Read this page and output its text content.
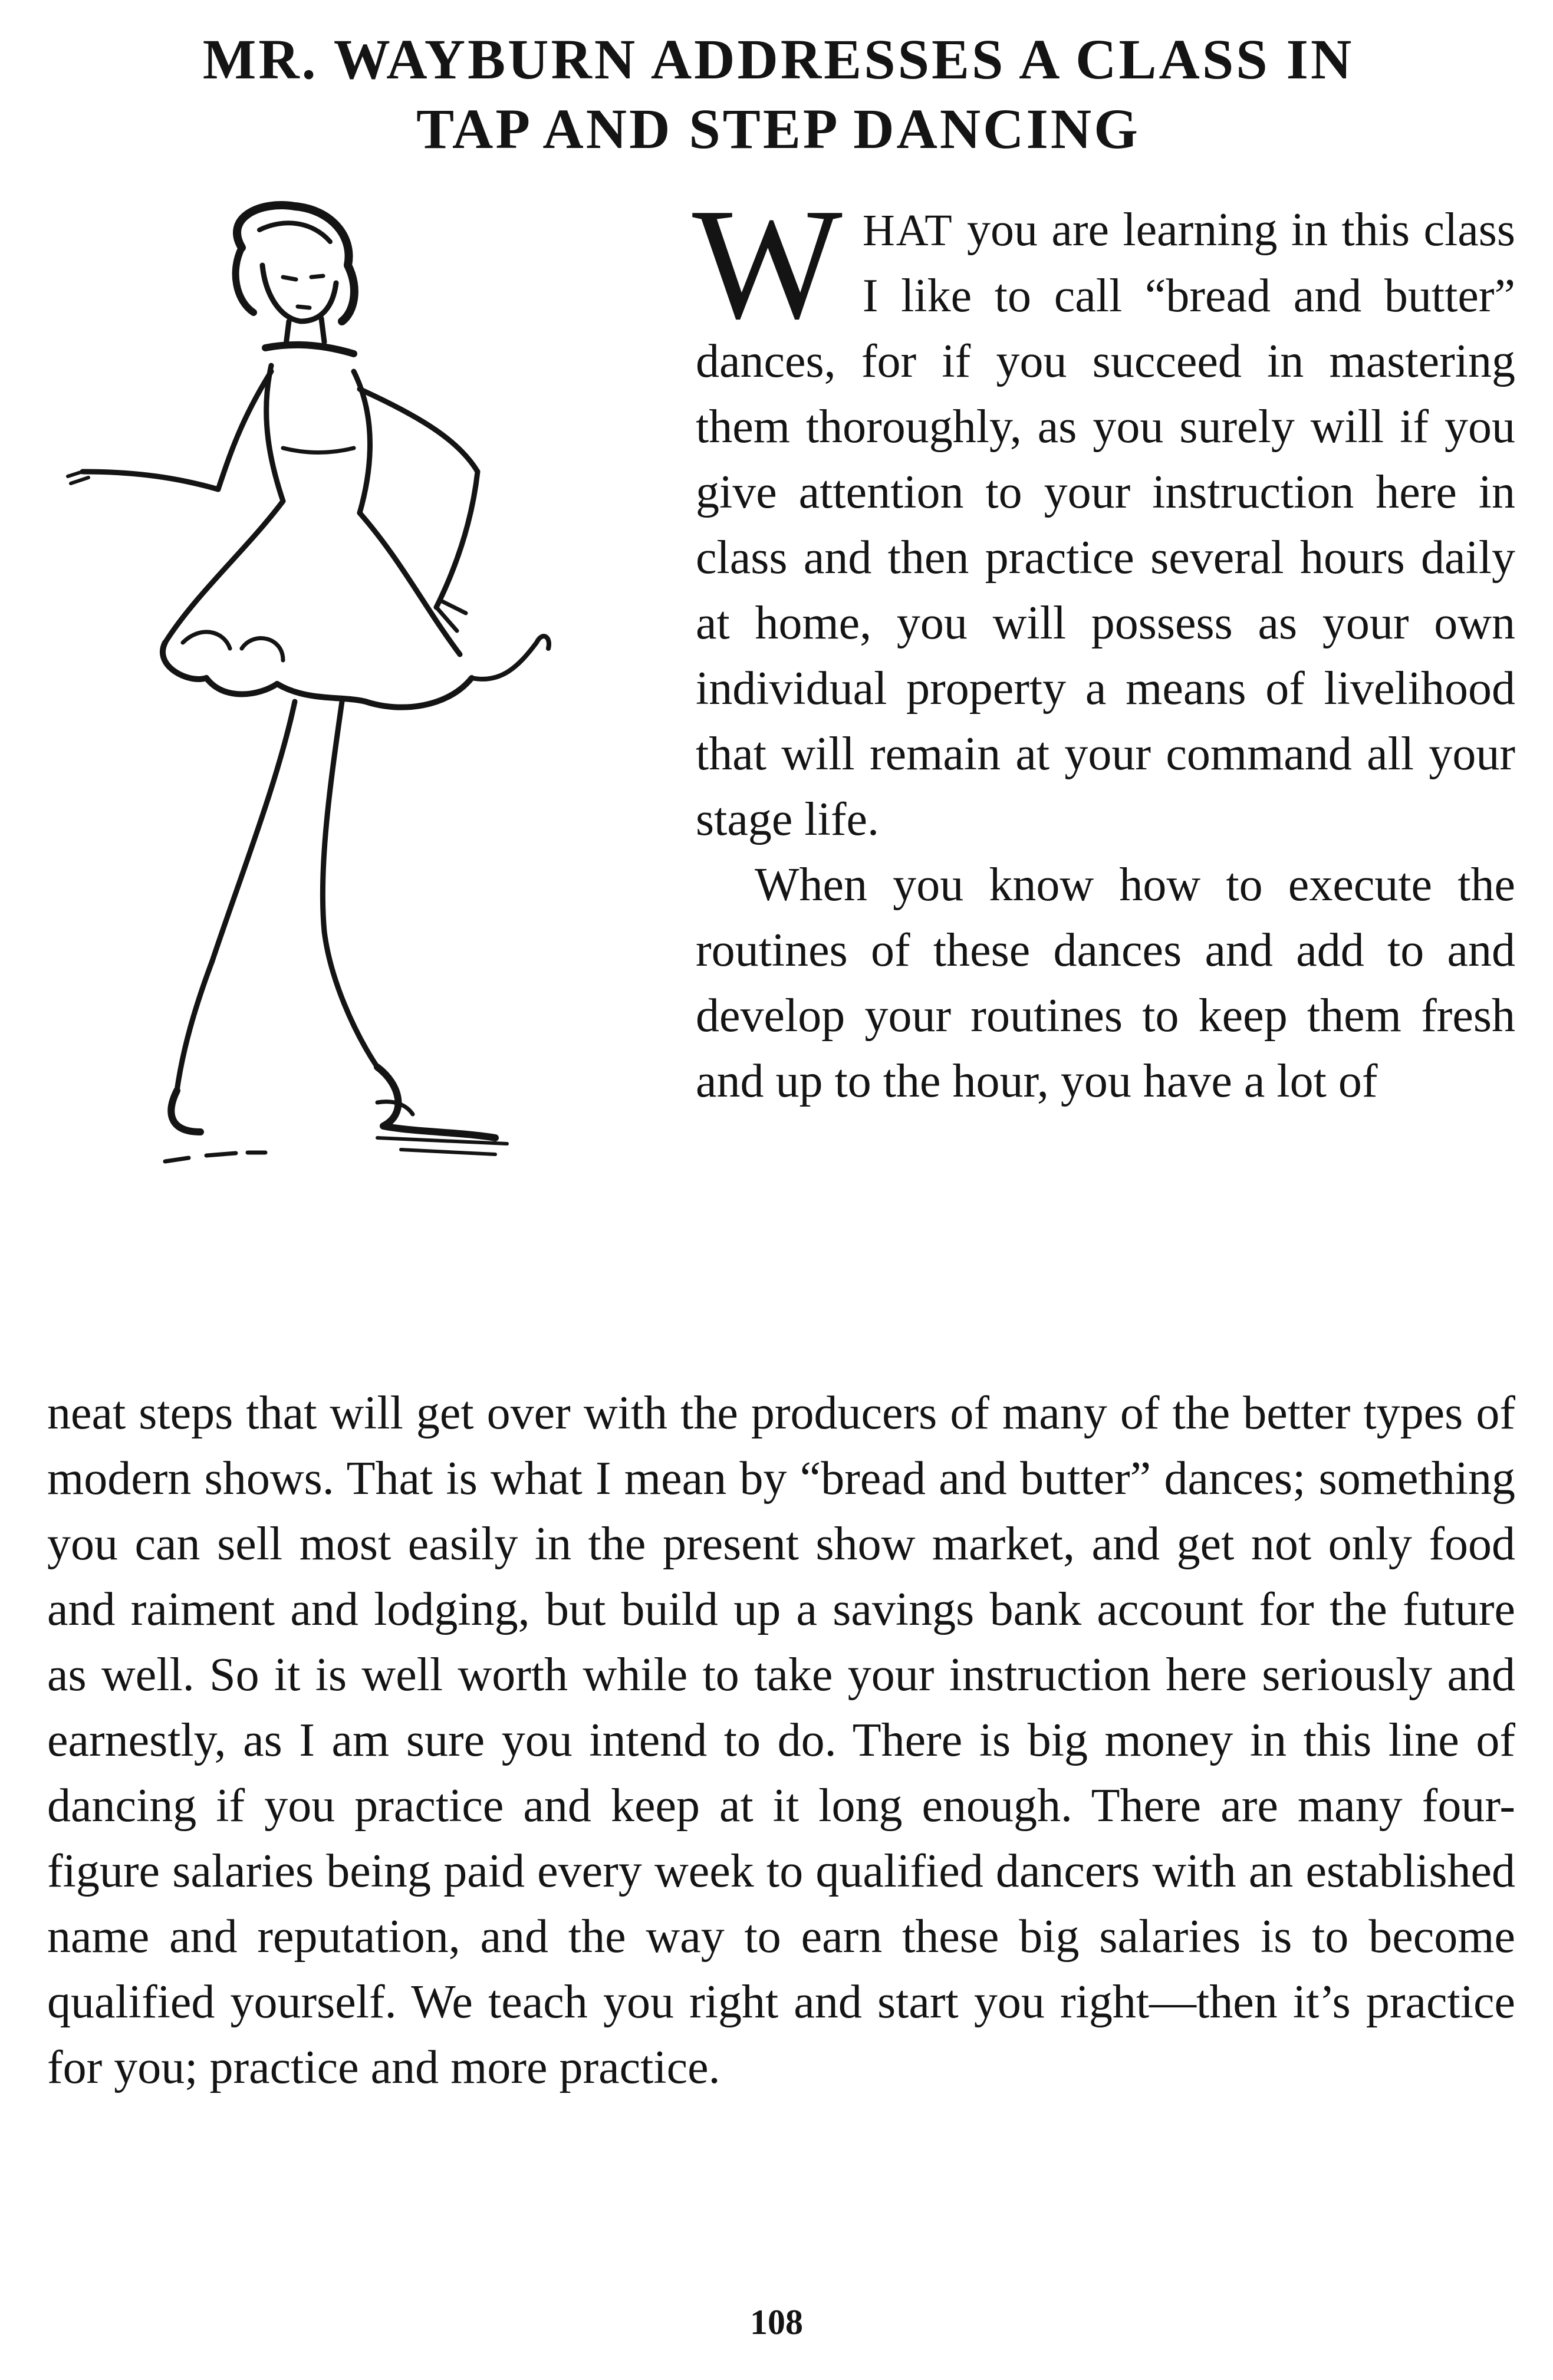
MR. WAYBURN ADDRESSES A CLASS IN
TAP AND STEP DANCING

WHAT you are learning in this class I like to call “bread and butter” dances, for if you succeed in mastering them thoroughly, as you surely will if you give attention to your instruction here in class and then practice several hours daily at home, you will possess as your own individual property a means of livelihood that will remain at your command all your stage life.

When you know how to execute the routines of these dances and add to and develop your routines to keep them fresh and up to the hour, you have a lot of

neat steps that will get over with the producers of many of the better types of modern shows. That is what I mean by “bread and butter” dances; something you can sell most easily in the present show market, and get not only food and raiment and lodging, but build up a savings bank account for the future as well. So it is well worth while to take your instruction here seriously and earnestly, as I am sure you intend to do. There is big money in this line of dancing if you practice and keep at it long enough. There are many four-figure salaries being paid every week to qualified dancers with an established name and reputation, and the way to earn these big salaries is to become qualified yourself. We teach you right and start you right—then it’s practice for you; practice and more practice.

108
